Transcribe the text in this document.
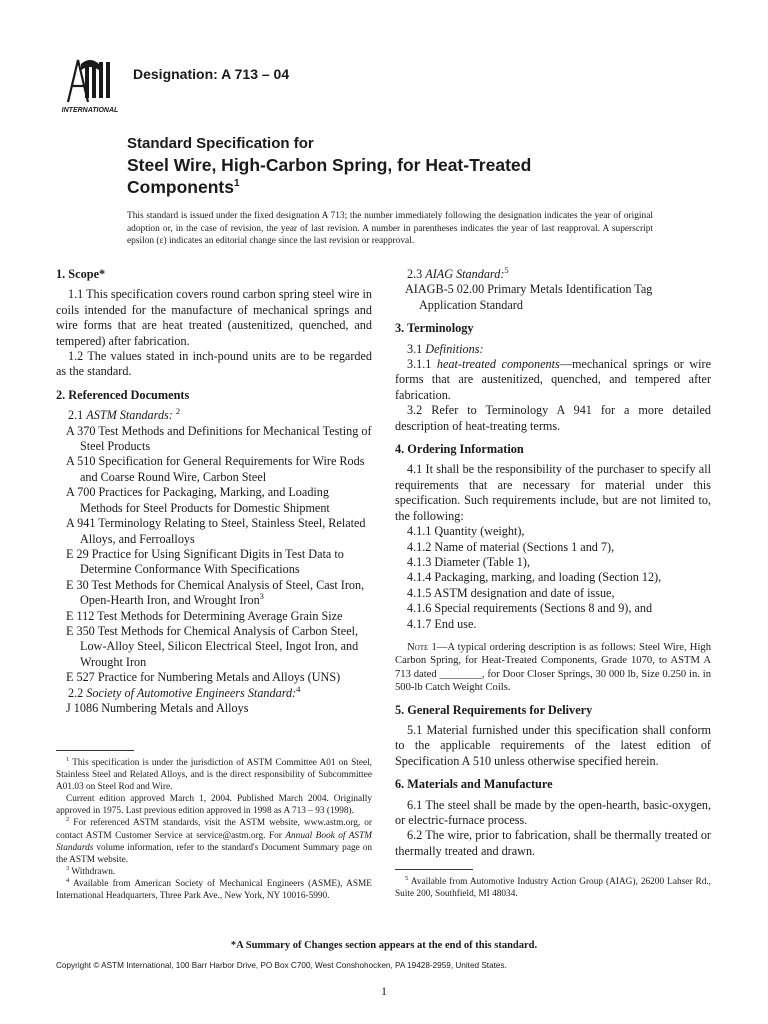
INTERNATIONAL
Designation: A 713 – 04
Standard Specification for
Steel Wire, High-Carbon Spring, for Heat-Treated
Components$^1$
This standard is issued under the fixed designation A 713; the number immediately following the designation indicates the year of original adoption or, in the case of revision, the year of last revision. A number in parentheses indicates the year of last reapproval. A superscript epsilon (ε) indicates an editorial change since the last revision or reapproval.
1. Scope*

1.1 This specification covers round carbon spring steel wire in coils intended for the manufacture of mechanical springs and wire forms that are heat treated (austenitized, quenched, and tempered) after fabrication.

1.2 The values stated in inch-pound units are to be regarded as the standard.

2. Referenced Documents

2.1 ASTM Standards: $^2$

A 370 Test Methods and Definitions for Mechanical Testing of Steel Products

A 510 Specification for General Requirements for Wire Rods and Coarse Round Wire, Carbon Steel

A 700 Practices for Packaging, Marking, and Loading Methods for Steel Products for Domestic Shipment

A 941 Terminology Relating to Steel, Stainless Steel, Related Alloys, and Ferroalloys

E 29 Practice for Using Significant Digits in Test Data to Determine Conformance With Specifications

E 30 Test Methods for Chemical Analysis of Steel, Cast Iron, Open-Hearth Iron, and Wrought Iron$^3$

E 112 Test Methods for Determining Average Grain Size

E 350 Test Methods for Chemical Analysis of Carbon Steel, Low-Alloy Steel, Silicon Electrical Steel, Ingot Iron, and Wrought Iron

E 527 Practice for Numbering Metals and Alloys (UNS)

2.2 Society of Automotive Engineers Standard:$^4$

J 1086 Numbering Metals and Alloys

2.3 AIAG Standard:$^5$

AIAGB-5 02.00 Primary Metals Identification Tag Application Standard

3. Terminology

3.1 Definitions:

3.1.1 heat-treated components—mechanical springs or wire forms that are austenitized, quenched, and tempered after fabrication.

3.2 Refer to Terminology A 941 for a more detailed description of heat-treating terms.

4. Ordering Information

4.1 It shall be the responsibility of the purchaser to specify all requirements that are necessary for material under this specification. Such requirements include, but are not limited to, the following:

4.1.1 Quantity (weight),

4.1.2 Name of material (Sections 1 and 7),

4.1.3 Diameter (Table 1),

4.1.4 Packaging, marking, and loading (Section 12),

4.1.5 ASTM designation and date of issue,

4.1.6 Special requirements (Sections 8 and 9), and

4.1.7 End use.

Note 1—A typical ordering description is as follows: Steel Wire, High Carbon Spring, for Heat-Treated Components, Grade 1070, to ASTM A 713 dated ________, for Door Closer Springs, 30 000 lb, Size 0.250 in. in 500-lb Catch Weight Coils.

5. General Requirements for Delivery

5.1 Material furnished under this specification shall conform to the applicable requirements of the latest edition of Specification A 510 unless otherwise specified herein.

6. Materials and Manufacture

6.1 The steel shall be made by the open-hearth, basic-oxygen, or electric-furnace process.

6.2 The wire, prior to fabrication, shall be thermally treated or thermally treated and drawn.

$^1$ This specification is under the jurisdiction of ASTM Committee A01 on Steel, Stainless Steel and Related Alloys, and is the direct responsibility of Subcommittee A01.03 on Steel Rod and Wire.

Current edition approved March 1, 2004. Published March 2004. Originally approved in 1975. Last previous edition approved in 1998 as A 713 – 93 (1998).

$^2$ For referenced ASTM standards, visit the ASTM website, www.astm.org, or contact ASTM Customer Service at service@astm.org. For Annual Book of ASTM Standards volume information, refer to the standard's Document Summary page on the ASTM website.

$^3$ Withdrawn.

$^4$ Available from American Society of Mechanical Engineers (ASME), ASME International Headquarters, Three Park Ave., New York, NY 10016-5990.

$^5$ Available from Automotive Industry Action Group (AIAG), 26200 Lahser Rd., Suite 200, Southfield, MI 48034.

*A Summary of Changes section appears at the end of this standard.
Copyright © ASTM International, 100 Barr Harbor Drive, PO Box C700, West Conshohocken, PA 19428-2959, United States.
1
